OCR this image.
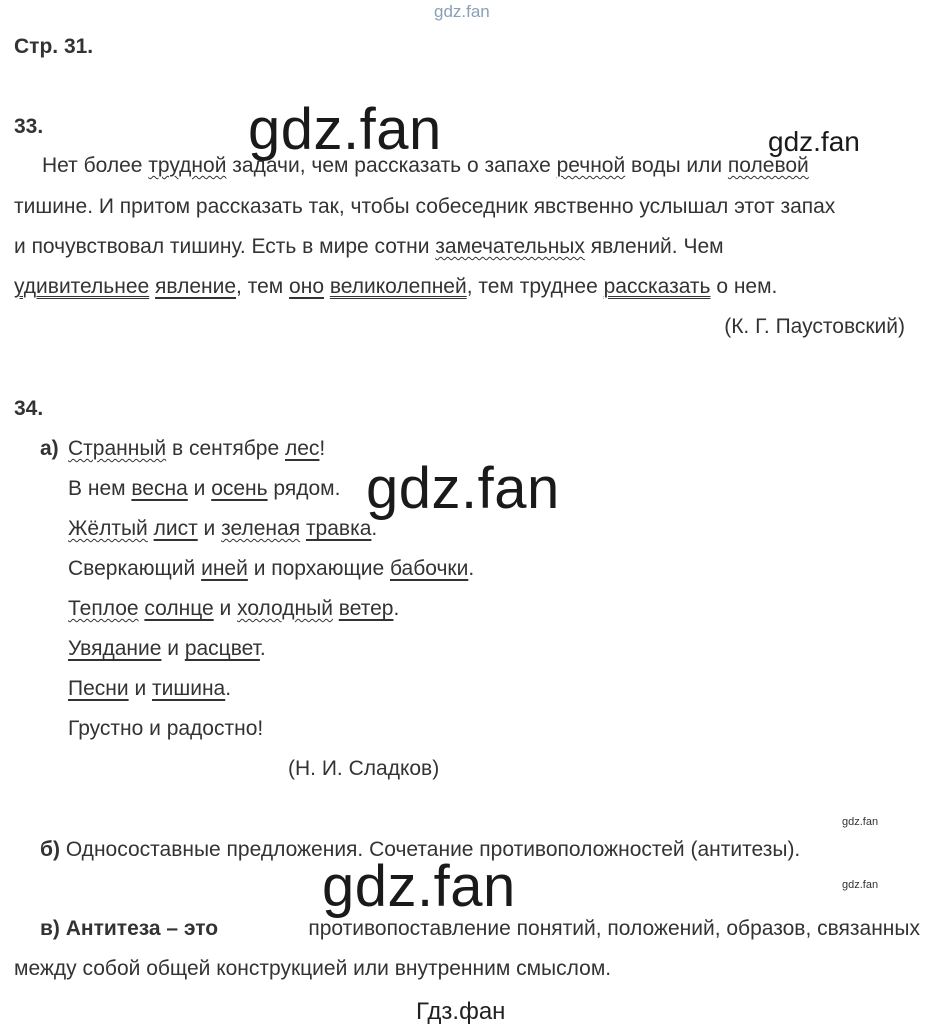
gdz.fan
gdz.fan	gdz.fan
gdz.fan
gdz.fan
gdz.fan	gdz.fan
Гдз.фан
Стр. 31.
33.
Нет более трудной задачи, чем рассказать о запахе речной воды или полевой
тишине. И притом рассказать так, чтобы собеседник явственно услышал этот запах
и почувствовал тишину. Есть в мире сотни замечательных явлений. Чем
удивительнее явление, тем оно великолепней, тем труднее рассказать о нем.
(К. Г. Паустовский)
34.
а) Странный в сентябре лес!
В нем весна и осень рядом.
Жёлтый лист и зеленая травка.
Сверкающий иней и порхающие бабочки.
Теплое солнце и холодный ветер.
Увядание и расцвет.
Песни и тишина.
Грустно и радостно!
(Н. И. Сладков)
б) Односоставные предложения. Сочетание противоположностей (антитезы).
в) Антитеза – это	противопоставление понятий, положений, образов, связанных
между собой общей конструкцией или внутренним смыслом.
